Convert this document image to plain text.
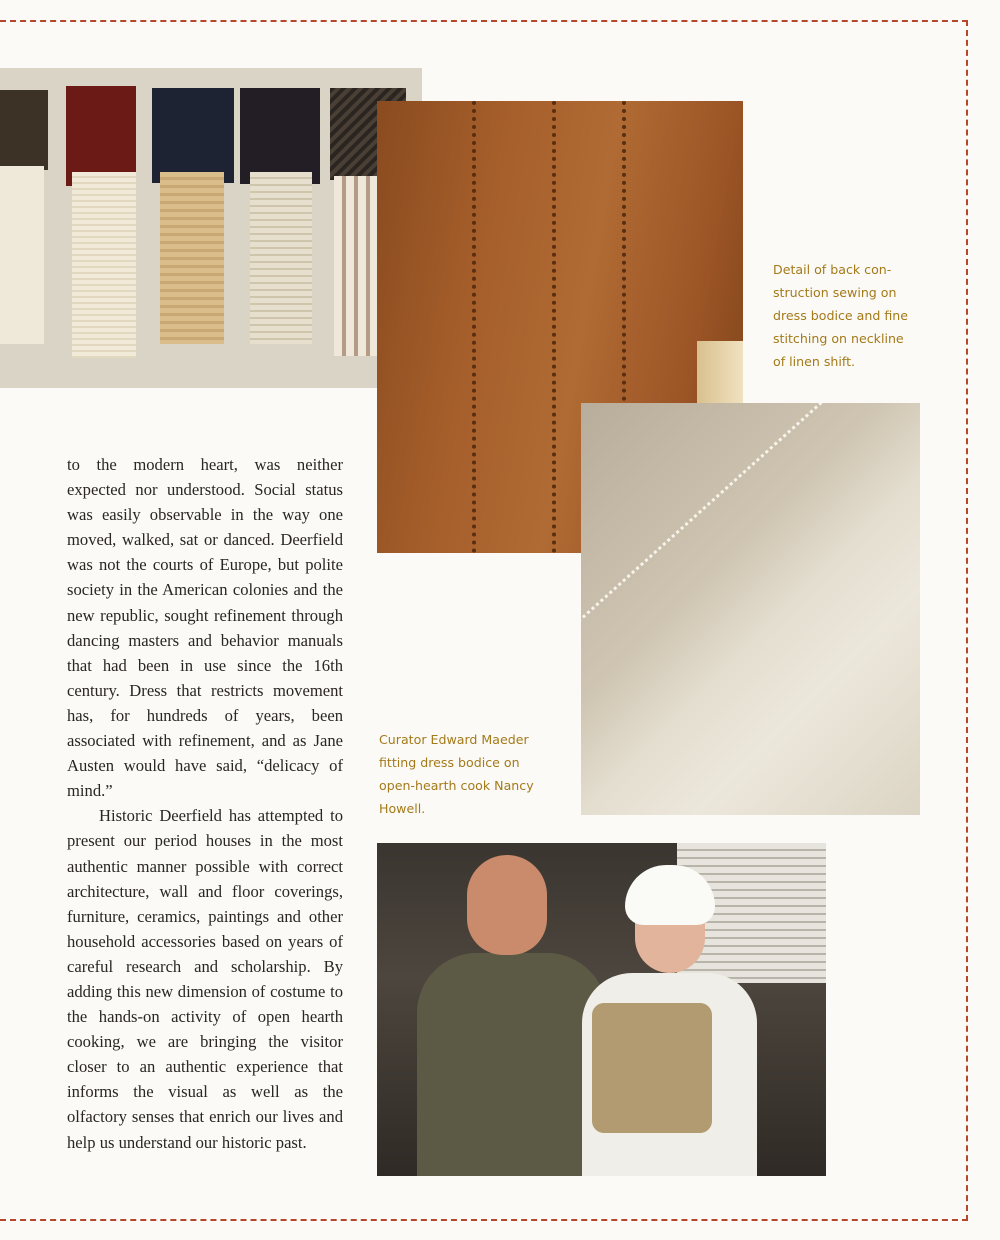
Detail of back con-
struction sewing on
dress bodice and fine
stitching on neckline
of linen shift.
Curator Edward Maeder
fitting dress bodice on
open-hearth cook Nancy
Howell.

to the modern heart, was neither expected nor understood. Social status was easily observable in the way one moved, walked, sat or danced. Deerfield was not the courts of Europe, but polite society in the American colonies and the new republic, sought refinement through dancing masters and behavior manuals that had been in use since the 16th century. Dress that restricts movement has, for hundreds of years, been associated with refinement, and as Jane Austen would have said, “delicacy of mind.”

Historic Deerfield has attempted to present our period houses in the most authentic manner possible with correct architecture, wall and floor coverings, furniture, ceramics, paintings and other household accessories based on years of careful research and scholarship. By adding this new dimension of costume to the hands-on activity of open hearth cooking, we are bringing the visitor closer to an authentic experience that informs the visual as well as the olfactory senses that enrich our lives and help us understand our historic past.
